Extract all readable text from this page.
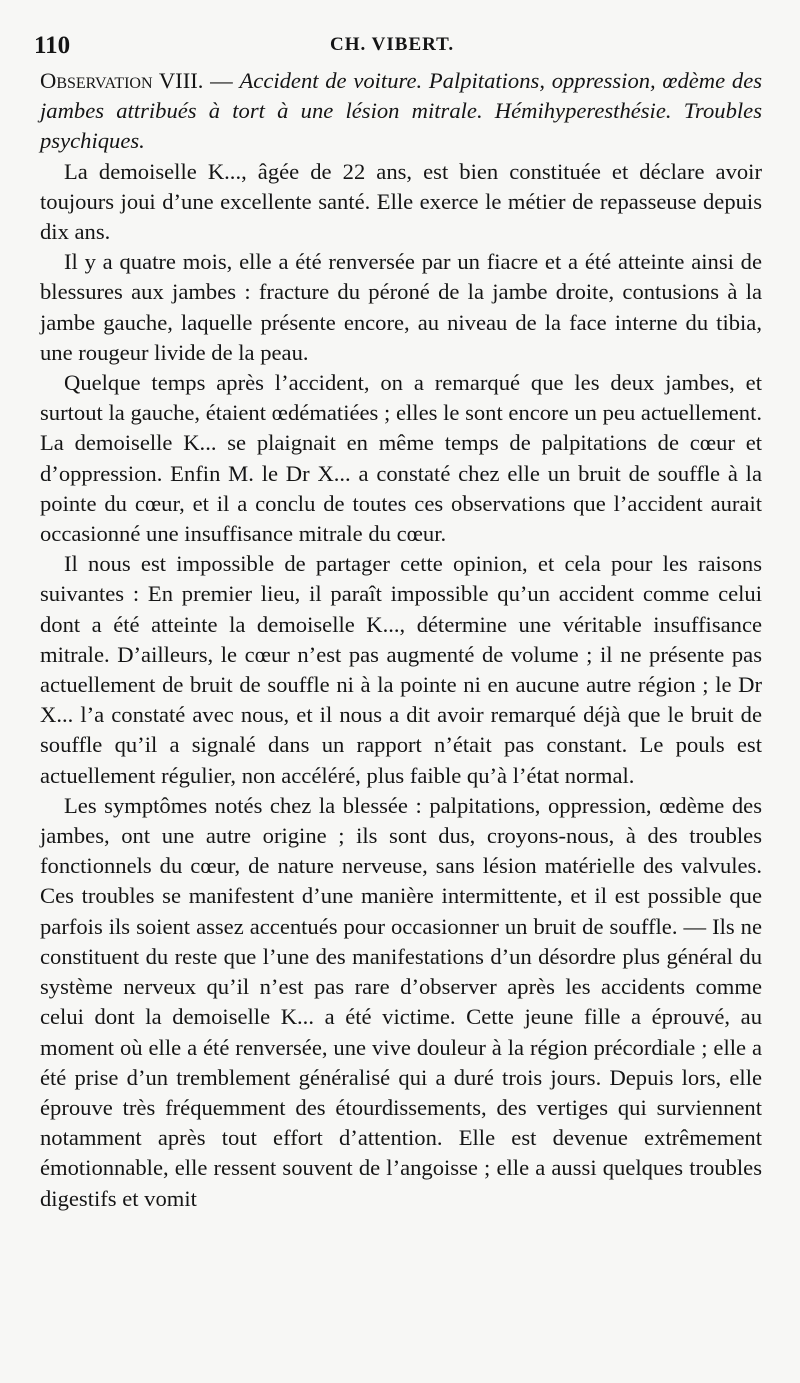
110	CH. VIBERT.

Observation VIII. — Accident de voiture. Palpitations, oppression, œdème des jambes attribués à tort à une lésion mitrale. Hémihyperesthésie. Troubles psychiques.

La demoiselle K..., âgée de 22 ans, est bien constituée et déclare avoir toujours joui d’une excellente santé. Elle exerce le métier de repasseuse depuis dix ans.

Il y a quatre mois, elle a été renversée par un fiacre et a été atteinte ainsi de blessures aux jambes : fracture du péroné de la jambe droite, contusions à la jambe gauche, laquelle présente encore, au niveau de la face interne du tibia, une rougeur livide de la peau.

Quelque temps après l’accident, on a remarqué que les deux jambes, et surtout la gauche, étaient œdématiées ; elles le sont encore un peu actuellement. La demoiselle K... se plaignait en même temps de palpitations de cœur et d’oppression. Enfin M. le Dr X... a constaté chez elle un bruit de souffle à la pointe du cœur, et il a conclu de toutes ces observations que l’accident aurait occasionné une insuffisance mitrale du cœur.

Il nous est impossible de partager cette opinion, et cela pour les raisons suivantes : En premier lieu, il paraît impossible qu’un accident comme celui dont a été atteinte la demoiselle K..., détermine une véritable insuffisance mitrale. D’ailleurs, le cœur n’est pas augmenté de volume ; il ne présente pas actuellement de bruit de souffle ni à la pointe ni en aucune autre région ; le Dr X... l’a constaté avec nous, et il nous a dit avoir remarqué déjà que le bruit de souffle qu’il a signalé dans un rapport n’était pas constant. Le pouls est actuellement régulier, non accéléré, plus faible qu’à l’état normal.

Les symptômes notés chez la blessée : palpitations, oppression, œdème des jambes, ont une autre origine ; ils sont dus, croyons-nous, à des troubles fonctionnels du cœur, de nature nerveuse, sans lésion matérielle des valvules. Ces troubles se manifestent d’une manière intermittente, et il est possible que parfois ils soient assez accentués pour occasionner un bruit de souffle. — Ils ne constituent du reste que l’une des manifestations d’un désordre plus général du système nerveux qu’il n’est pas rare d’observer après les accidents comme celui dont la demoiselle K... a été victime. Cette jeune fille a éprouvé, au moment où elle a été renversée, une vive douleur à la région précordiale ; elle a été prise d’un tremblement généralisé qui a duré trois jours. Depuis lors, elle éprouve très fréquemment des étourdissements, des vertiges qui surviennent notamment après tout effort d’attention. Elle est devenue extrêmement émotionnable, elle ressent souvent de l’angoisse ; elle a aussi quelques troubles digestifs et vomit
